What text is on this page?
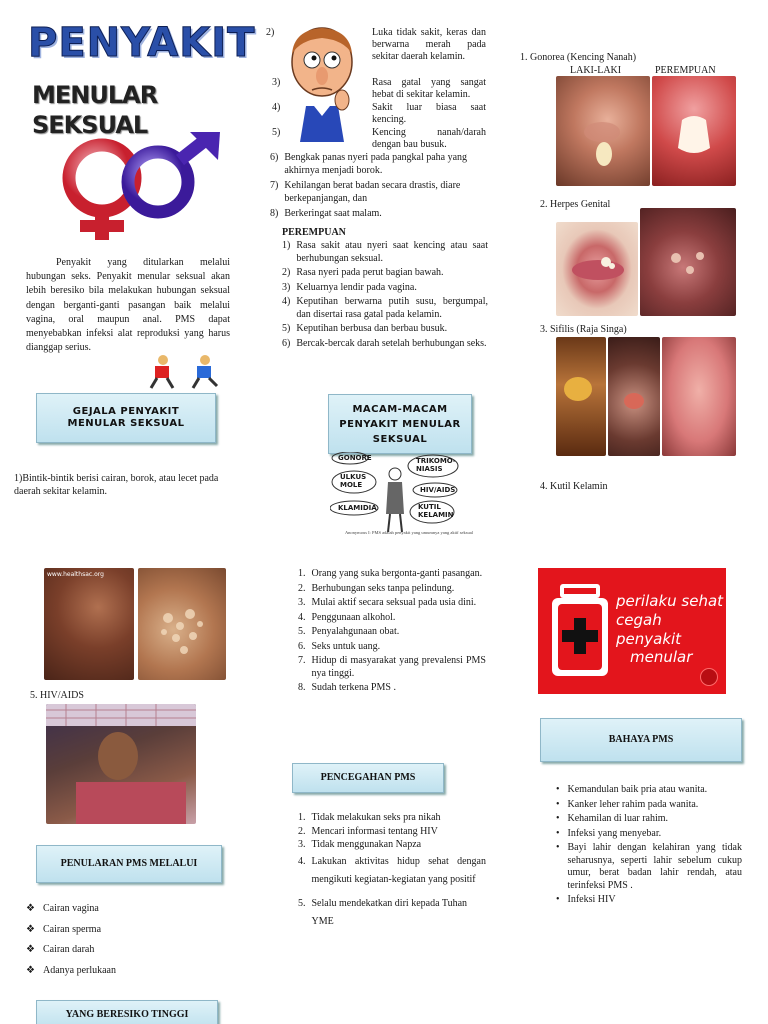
PENYAKIT
MENULAR SEKSUAL

Penyakit yang ditularkan melalui hubungan seks. Penyakit menular seksual akan lebih beresiko bila melakukan hubungan seksual dengan berganti-ganti pasangan baik melalui vagina, oral maupun anal. PMS dapat menyebabkan infeksi alat reproduksi yang harus dianggap serius.

GEJALA PENYAKIT MENULAR SEKSUAL

1)Bintik-bintik berisi cairan, borok, atau lecet pada daerah sekitar kelamin.

www.healthsac.org

5. HIV/AIDS

PENULARAN PMS MELALUI
❖ Cairan vagina
❖ Cairan sperma
❖ Cairan darah
❖ Adanya perlukaan
YANG BERESIKO TINGGI
2)	Luka tidak sakit, keras dan berwarna merah pada sekitar daerah kelamin.

3)	Rasa gatal yang sangat hebat di sekitar kelamin.

4)	Sakit luar biasa saat kencing.

5)	Kencing nanah/darah dengan bau busuk.

6) Bengkak panas nyeri pada pangkal paha yang akhirnya menjadi borok.
7) Kehilangan berat badan secara drastis, diare berkepanjangan, dan
8) Berkeringat saat malam.

PEREMPUAN

1) Rasa sakit atau nyeri saat kencing atau saat berhubungan seksual.
2) Rasa nyeri pada perut bagian bawah.
3) Keluarnya lendir pada vagina.
4) Keputihan berwarna putih susu, bergumpal, dan disertai rasa gatal pada kelamin.
5) Keputihan berbusa dan berbau busuk.
6) Bercak-bercak darah setelah berhubungan seks.
MACAM-MACAM PENYAKIT MENULAR SEKSUAL
GONORE	TRIKOMO-
NIASIS
ULKUS
MOLE
HIV/AIDS
KLAMIDIA	KUTIL
KELAMIN

Anonymous I: PMS adalah penyakit yang umumnya yang aktif seksual

1. Orang yang suka bergonta-ganti pasangan.
2. Berhubungan seks tanpa pelindung.
3. Mulai aktif secara seksual pada usia dini.
4. Penggunaan alkohol.
5. Penyalahgunaan obat.
6. Seks untuk uang.
7. Hidup di masyarakat yang prevalensi PMS nya tinggi.
8. Sudah terkena PMS .
PENCEGAHAN PMS
1. Tidak melakukan seks pra nikah
2. Mencari informasi tentang HIV
3. Tidak menggunakan Napza
4. Lakukan aktivitas hidup sehat dengan mengikuti kegiatan-kegiatan yang positif
5. Selalu mendekatkan diri kepada Tuhan YME

1. Gonorea (Kencing Nanah)

LAKI-LAKI	PEREMPUAN

2. Herpes Genital

3. Sifilis (Raja Singa)

4. Kutil Kelamin

perilaku sehat
cegah penyakit
menular
BAHAYA PMS
• Kemandulan baik pria atau wanita.
• Kanker leher rahim pada wanita.
• Kehamilan di luar rahim.
• Infeksi yang menyebar.
• Bayi lahir dengan kelahiran yang tidak seharusnya, seperti lahir sebelum cukup umur, berat badan lahir rendah, atau terinfeksi PMS .
• Infeksi HIV
